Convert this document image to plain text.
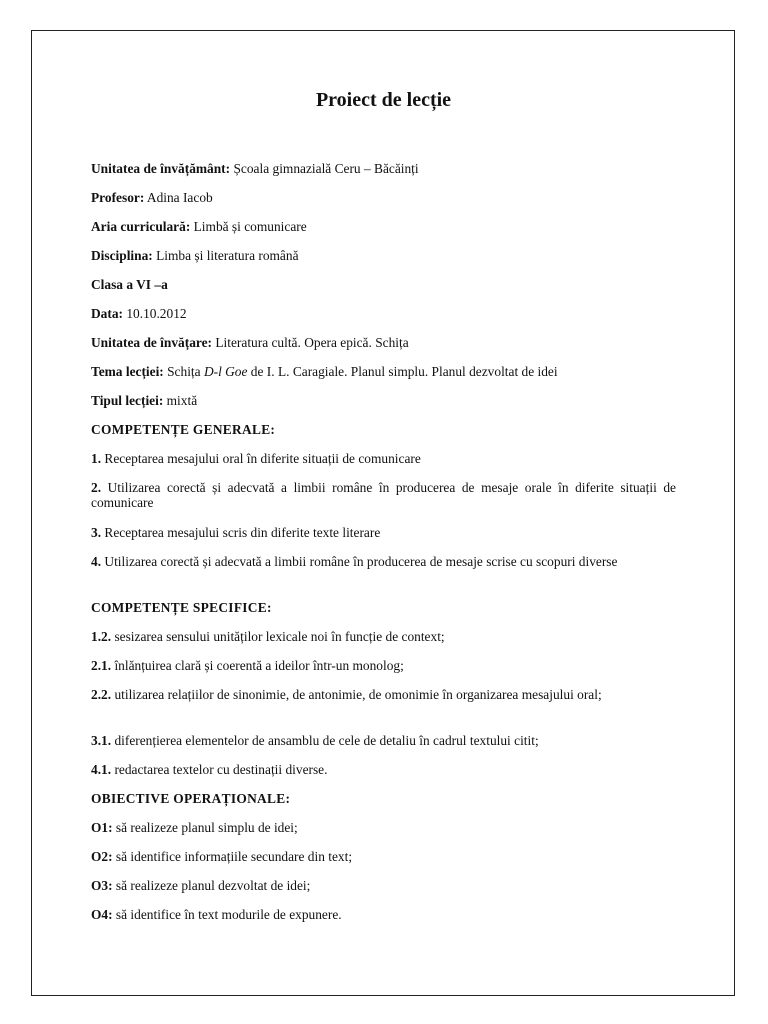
Proiect de lecție
Unitatea de învățământ: Școala gimnazială Ceru – Băcăinți
Profesor: Adina Iacob
Aria curriculară: Limbă și comunicare
Disciplina: Limba și literatura română
Clasa a VI –a
Data: 10.10.2012
Unitatea de învățare: Literatura cultă. Opera epică. Schița
Tema lecției: Schița D-l Goe de I. L. Caragiale. Planul simplu. Planul dezvoltat de idei
Tipul lecției: mixtă
COMPETENȚE GENERALE:
1. Receptarea mesajului oral în diferite situații de comunicare
2. Utilizarea corectă și adecvată a limbii române în producerea de mesaje orale în diferite situații de comunicare
3. Receptarea mesajului scris din diferite texte literare
4. Utilizarea corectă și adecvată a limbii române în producerea de mesaje scrise cu scopuri diverse
COMPETENȚE SPECIFICE:
1.2. sesizarea sensului unităților lexicale noi în funcție de context;
2.1. înlănțuirea clară și coerentă a ideilor într-un monolog;
2.2. utilizarea relațiilor de sinonimie, de antonimie, de omonimie în organizarea mesajului oral;
3.1. diferențierea elementelor de ansamblu de cele de detaliu în cadrul textului citit;
4.1. redactarea textelor cu destinații diverse.
OBIECTIVE OPERAȚIONALE:
O1: să realizeze planul simplu de idei;
O2: să identifice informațiile secundare din text;
O3: să realizeze planul dezvoltat de idei;
O4: să identifice în text modurile de expunere.
